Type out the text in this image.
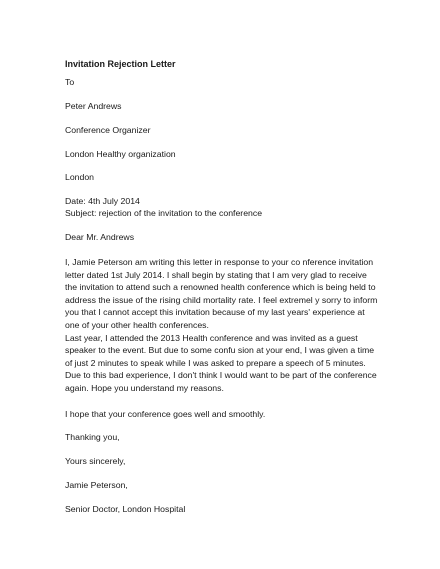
Invitation Rejection Letter
To
Peter Andrews
Conference Organizer
London Healthy organization
London
Date: 4th July 2014
Subject: rejection of the invitation to the conference
Dear Mr. Andrews
I, Jamie Peterson am writing this letter in response to your co nference invitation
letter dated 1st July 2014. I shall begin by stating that I am very glad to receive
the invitation to attend such a renowned health conference which is being held to
address the issue of the rising child mortality rate. I feel extremel y sorry to inform
you that I cannot accept this invitation because of my last years' experience at
one of your other health conferences.
Last year, I attended the 2013 Health conference and was invited as a guest
speaker to the event. But due to some confu sion at your end, I was given a time
of just 2 minutes to speak while I was asked to prepare a speech of 5 minutes.
Due to this bad experience, I don't think I would want to be part of the conference
again. Hope you understand my reasons.
I hope that your conference goes well and smoothly.
Thanking you,
Yours sincerely,
Jamie Peterson,
Senior Doctor, London Hospital
